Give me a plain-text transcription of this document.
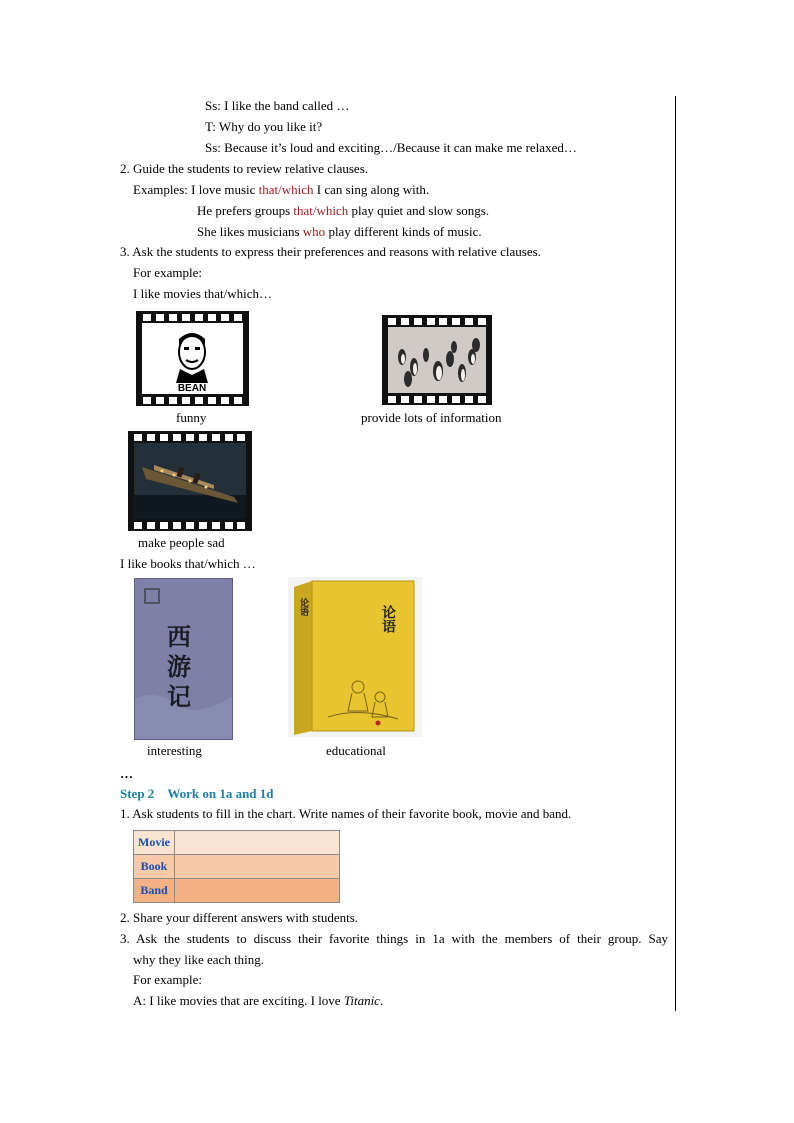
Ss: I like the band called …
T: Why do you like it?
Ss: Because it’s loud and exciting…/Because it can make me relaxed…
2. Guide the students to review relative clauses.
Examples: I love music that/which I can sing along with.
He prefers groups that/which play quiet and slow songs.
She likes musicians who play different kinds of music.
3. Ask the students to express their preferences and reasons with relative clauses.
For example:
I like movies that/which…
BEAN
funny	provide lots of information
make people sad
I like books that/which …
西
游
记
interesting
论语
论语
educational
…
Step 2 Work on 1a and 1d
1. Ask students to fill in the chart. Write names of their favorite book, movie and band.
Movie	
Book	
Band	
2. Share your different answers with students.
3. Ask the students to discuss their favorite things in 1a with the members of their group. Say
why they like each thing.
For example:
A: I like movies that are exciting. I love Titanic.
